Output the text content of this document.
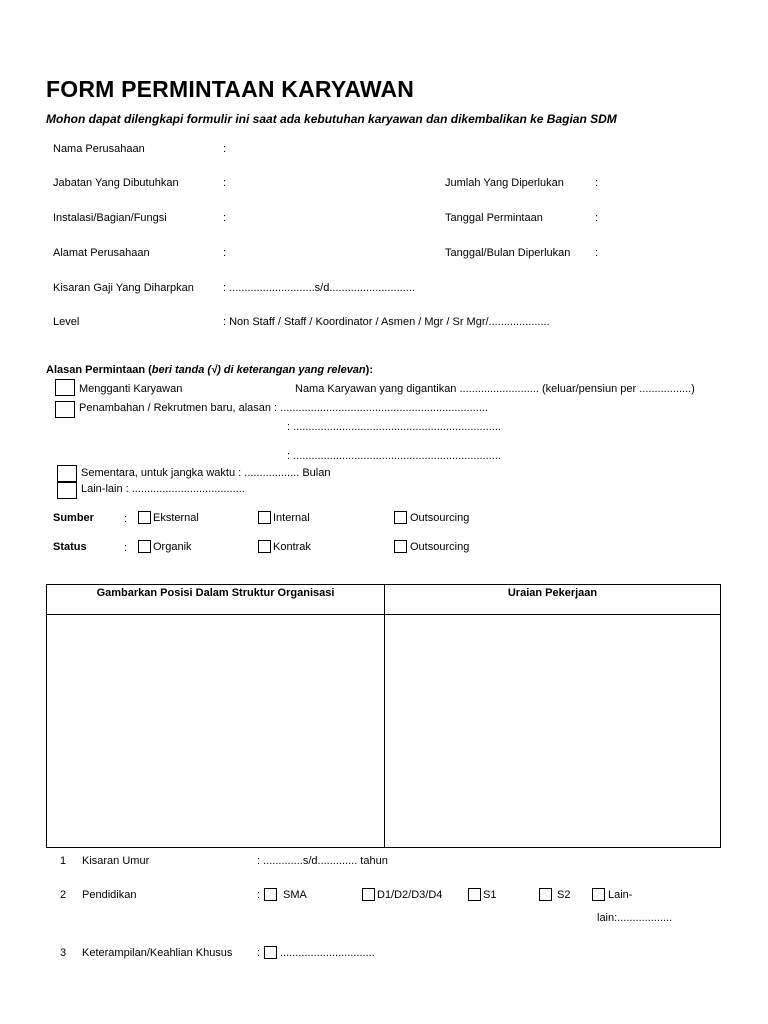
FORM PERMINTAAN KARYAWAN
Mohon dapat dilengkapi formulir ini saat ada kebutuhan karyawan dan dikembalikan ke Bagian SDM
Nama Perusahaan	:
Jabatan Yang Dibutuhkan	:	Jumlah Yang Diperlukan	:
Instalasi/Bagian/Fungsi	:	Tanggal Permintaan	:
Alamat Perusahaan	:	Tanggal/Bulan Diperlukan :
Kisaran Gaji Yang Diharpkan	: ............................s/d............................
Level	: Non Staff / Staff / Koordinator / Asmen / Mgr / Sr Mgr/....................
Alasan Permintaan (beri tanda (√) di keterangan yang relevan):
Mengganti Karyawan	Nama Karyawan yang digantikan .......................... (keluar/pensiun per .................)
Penambahan / Rekrutmen baru, alasan : ....................................................................
: ....................................................................
: ....................................................................
Sementara, untuk jangka waktu : .................. Bulan
Lain-lain : .....................................
Sumber	: Eksternal	Internal	Outsourcing
Status	: Organik	Kontrak	Outsourcing
Gambarkan Posisi Dalam Struktur Organisasi	Uraian Pekerjaan
1 Kisaran Umur	: .............s/d............. tahun
2 Pendidikan	: SMA	D1/D2/D3/D4	S1	S2	Lain-
lain:..................
3 Keterampilan/Keahlian Khusus : ...............................
